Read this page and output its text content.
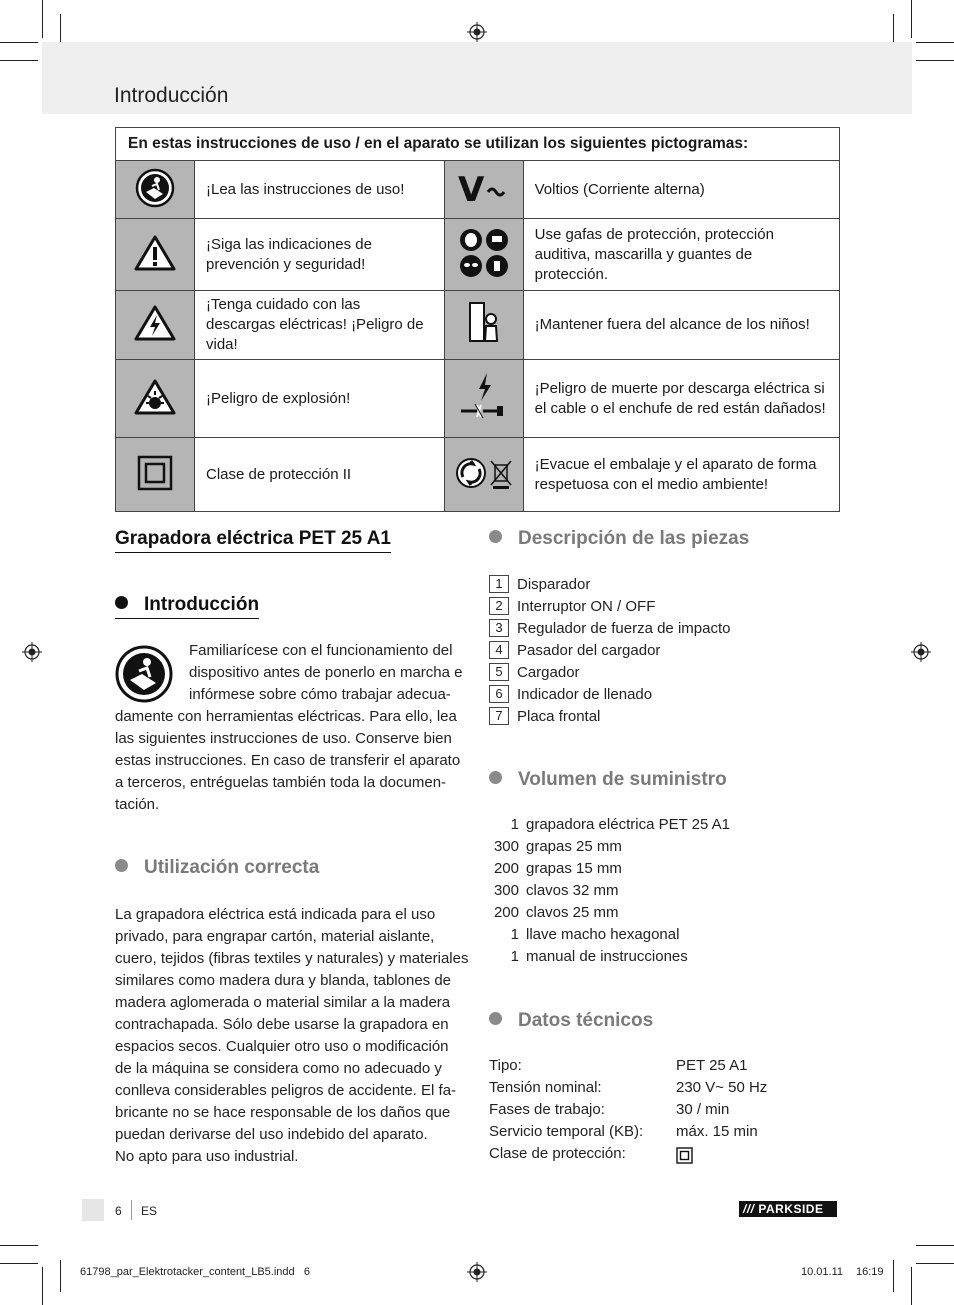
Introducción
En estas instrucciones de uso / en el aparato se utilizan los siguientes pictogramas:			
	¡Lea las instrucciones de uso!	V	Voltios (Corriente alterna)
	¡Siga las indicaciones de prevención y seguridad!		Use gafas de protección, protección auditiva, mascarilla y guantes de protección.
	¡Tenga cuidado con las descargas eléctricas! ¡Peligro de vida!		¡Mantener fuera del alcance de los niños!
	¡Peligro de explosión!		¡Peligro de muerte por descarga eléctrica si el cable o el enchufe de red están dañados!
	Clase de protección II		¡Evacue el embalaje y el aparato de forma respetuosa con el medio ambiente!
Grapadora eléctrica PET 25 A1
Introducción
Familiarícese con el funcionamiento del
dispositivo antes de ponerlo en marcha e
infórmese sobre cómo trabajar adecua-
damente con herramientas eléctricas. Para ello, lea
las siguientes instrucciones de uso. Conserve bien
estas instrucciones. En caso de transferir el aparato
a terceros, entréguelas también toda la documen-
tación.
Utilización correcta
La grapadora eléctrica está indicada para el uso
privado, para engrapar cartón, material aislante,
cuero, tejidos (fibras textiles y naturales) y materiales
similares como madera dura y blanda, tablones de
madera aglomerada o material similar a la madera
contrachapada. Sólo debe usarse la grapadora en
espacios secos. Cualquier otro uso o modificación
de la máquina se considera como no adecuado y
conlleva considerables peligros de accidente. El fa-
bricante no se hace responsable de los daños que
puedan derivarse del uso indebido del aparato.
No apto para uso industrial.
Descripción de las piezas
1 Disparador
2 Interruptor ON / OFF
3 Regulador de fuerza de impacto
4 Pasador del cargador
5 Cargador
6 Indicador de llenado
7 Placa frontal
Volumen de suministro
1 grapadora eléctrica PET 25 A1
300 grapas 25 mm
200 grapas 15 mm
300 clavos 32 mm
200 clavos 25 mm
1 llave macho hexagonal
1 manual de instrucciones
Datos técnicos
Tipo:	PET 25 A1
Tensión nominal:	230 V~ 50 Hz
Fases de trabajo:	30 / min
Servicio temporal (KB): máx. 15 min
Clase de protección:
6 ES	/// PARKSIDE
61798_par_Elektrotacker_content_LB5.indd   6	10.01.11 16:19
